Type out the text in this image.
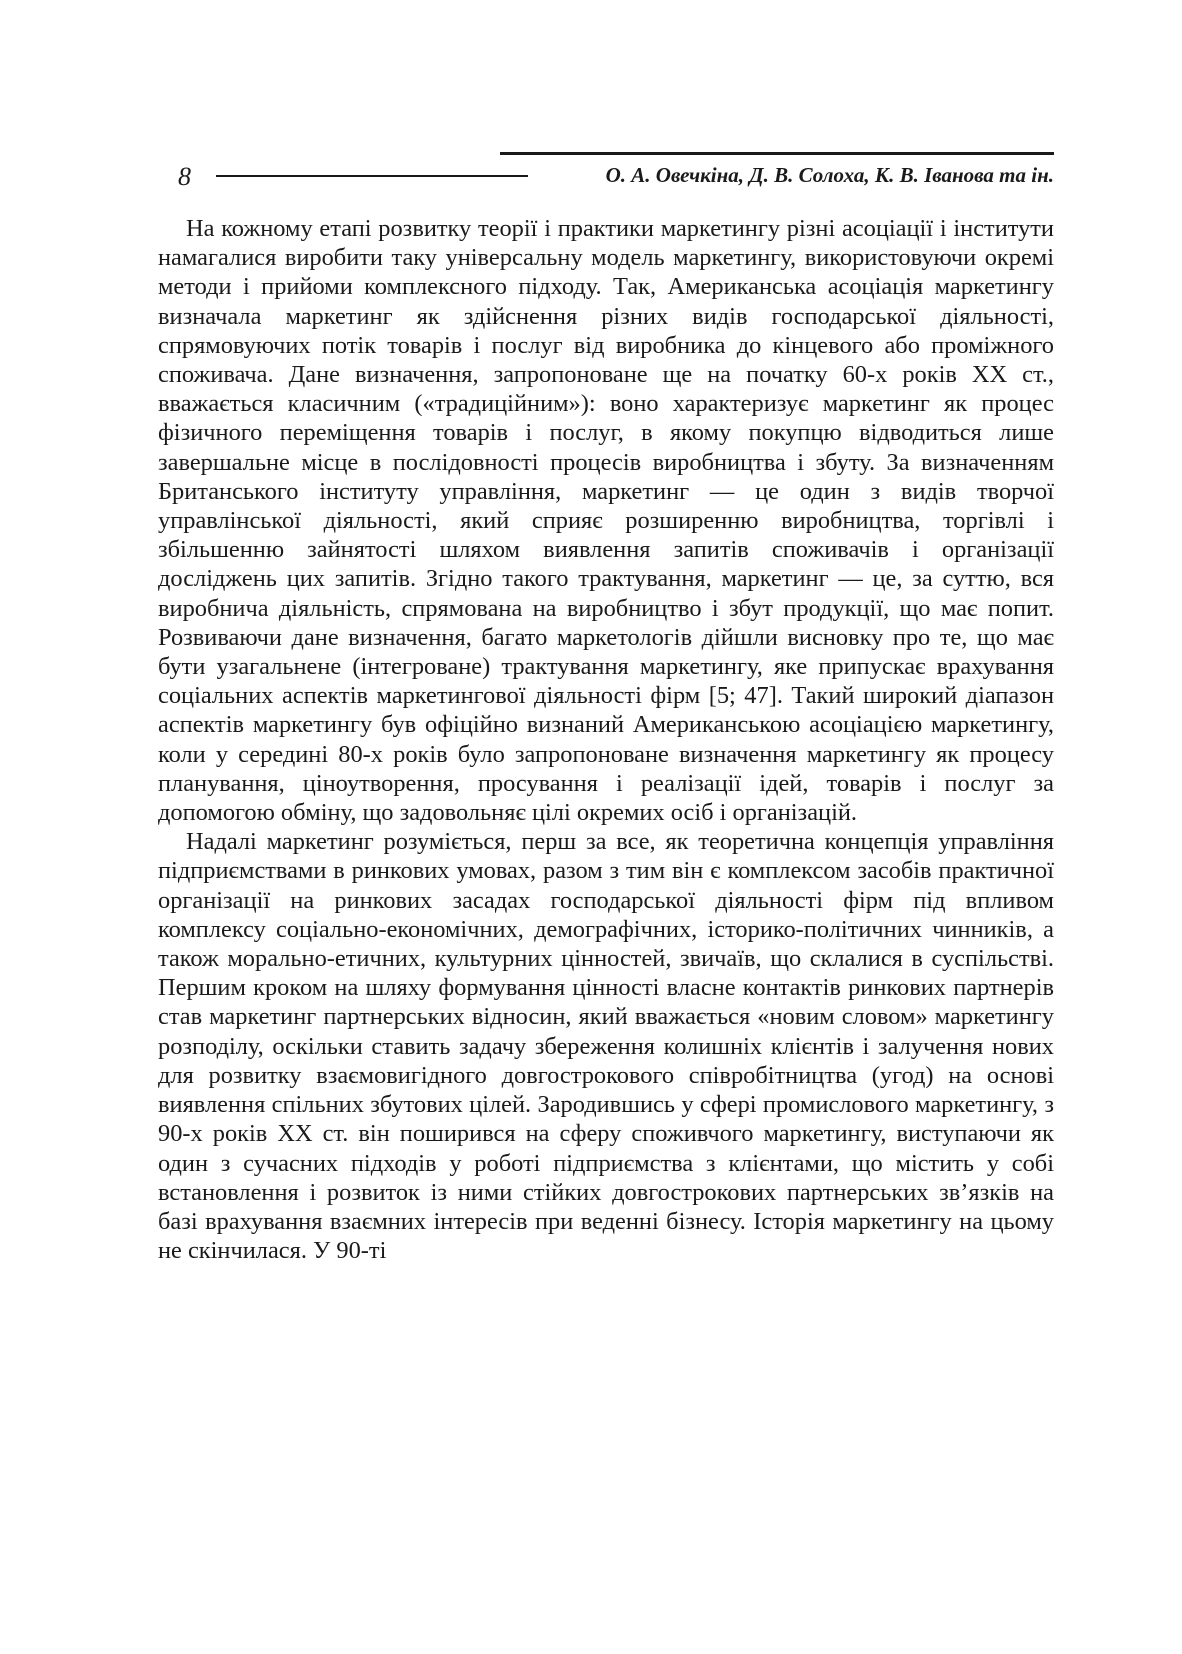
8	О. А. Овечкіна, Д. В. Солоха, К. В. Іванова та ін.

На кожному етапі розвитку теорії і практики маркетингу різні асоціації і інститути намагалися виробити таку універсальну модель маркетингу, використовуючи окремі методи і прийоми комплексного підходу. Так, Американська асоціація маркетингу визначала маркетинг як здійснення різних видів господарської діяльності, спрямовуючих потік товарів і послуг від виробника до кінцевого або проміжного споживача. Дане визначення, запропоноване ще на початку 60-х років XX ст., вважається класичним («традиційним»): воно характеризує маркетинг як процес фізичного переміщення товарів і послуг, в якому покупцю відводиться лише завершальне місце в послідовності процесів виробництва і збуту. За визначенням Британського інституту управління, маркетинг — це один з видів творчої управлінської діяльності, який сприяє розширенню виробництва, торгівлі і збільшенню зайнятості шляхом виявлення запитів споживачів і організації досліджень цих запитів. Згідно такого трактування, маркетинг — це, за суттю, вся виробнича діяльність, спрямована на виробництво і збут продукції, що має попит. Розвиваючи дане визначення, багато маркетологів дійшли висновку про те, що має бути узагальнене (інтегроване) трактування маркетингу, яке припускає врахування соціальних аспектів маркетингової діяльності фірм [5; 47]. Такий широкий діапазон аспектів маркетингу був офіційно визнаний Американською асоціацією маркетингу, коли у середині 80-х років було запропоноване визначення маркетингу як процесу планування, ціноутворення, просування і реалізації ідей, товарів і послуг за допомогою обміну, що задовольняє цілі окремих осіб і організацій.

Надалі маркетинг розуміється, перш за все, як теоретична концепція управління підприємствами в ринкових умовах, разом з тим він є комплексом засобів практичної організації на ринкових засадах господарської діяльності фірм під впливом комплексу соціально-економічних, демографічних, історико-політичних чинників, а також морально-етичних, культурних цінностей, звичаїв, що склалися в суспільстві. Першим кроком на шляху формування цінності власне контактів ринкових партнерів став маркетинг партнерських відносин, який вважається «новим словом» маркетингу розподілу, оскільки ставить задачу збереження колишніх клієнтів і залучення нових для розвитку взаємовигідного довгострокового співробітництва (угод) на основі виявлення спільних збутових цілей. Зародившись у сфері промислового маркетингу, з 90-х років XX ст. він поширився на сферу споживчого маркетингу, виступаючи як один з сучасних підходів у роботі підприємства з клієнтами, що містить у собі встановлення і розвиток із ними стійких довгострокових партнерських зв’язків на базі врахування взаємних інтересів при веденні бізнесу. Історія маркетингу на цьому не скінчилася. У 90-ті
